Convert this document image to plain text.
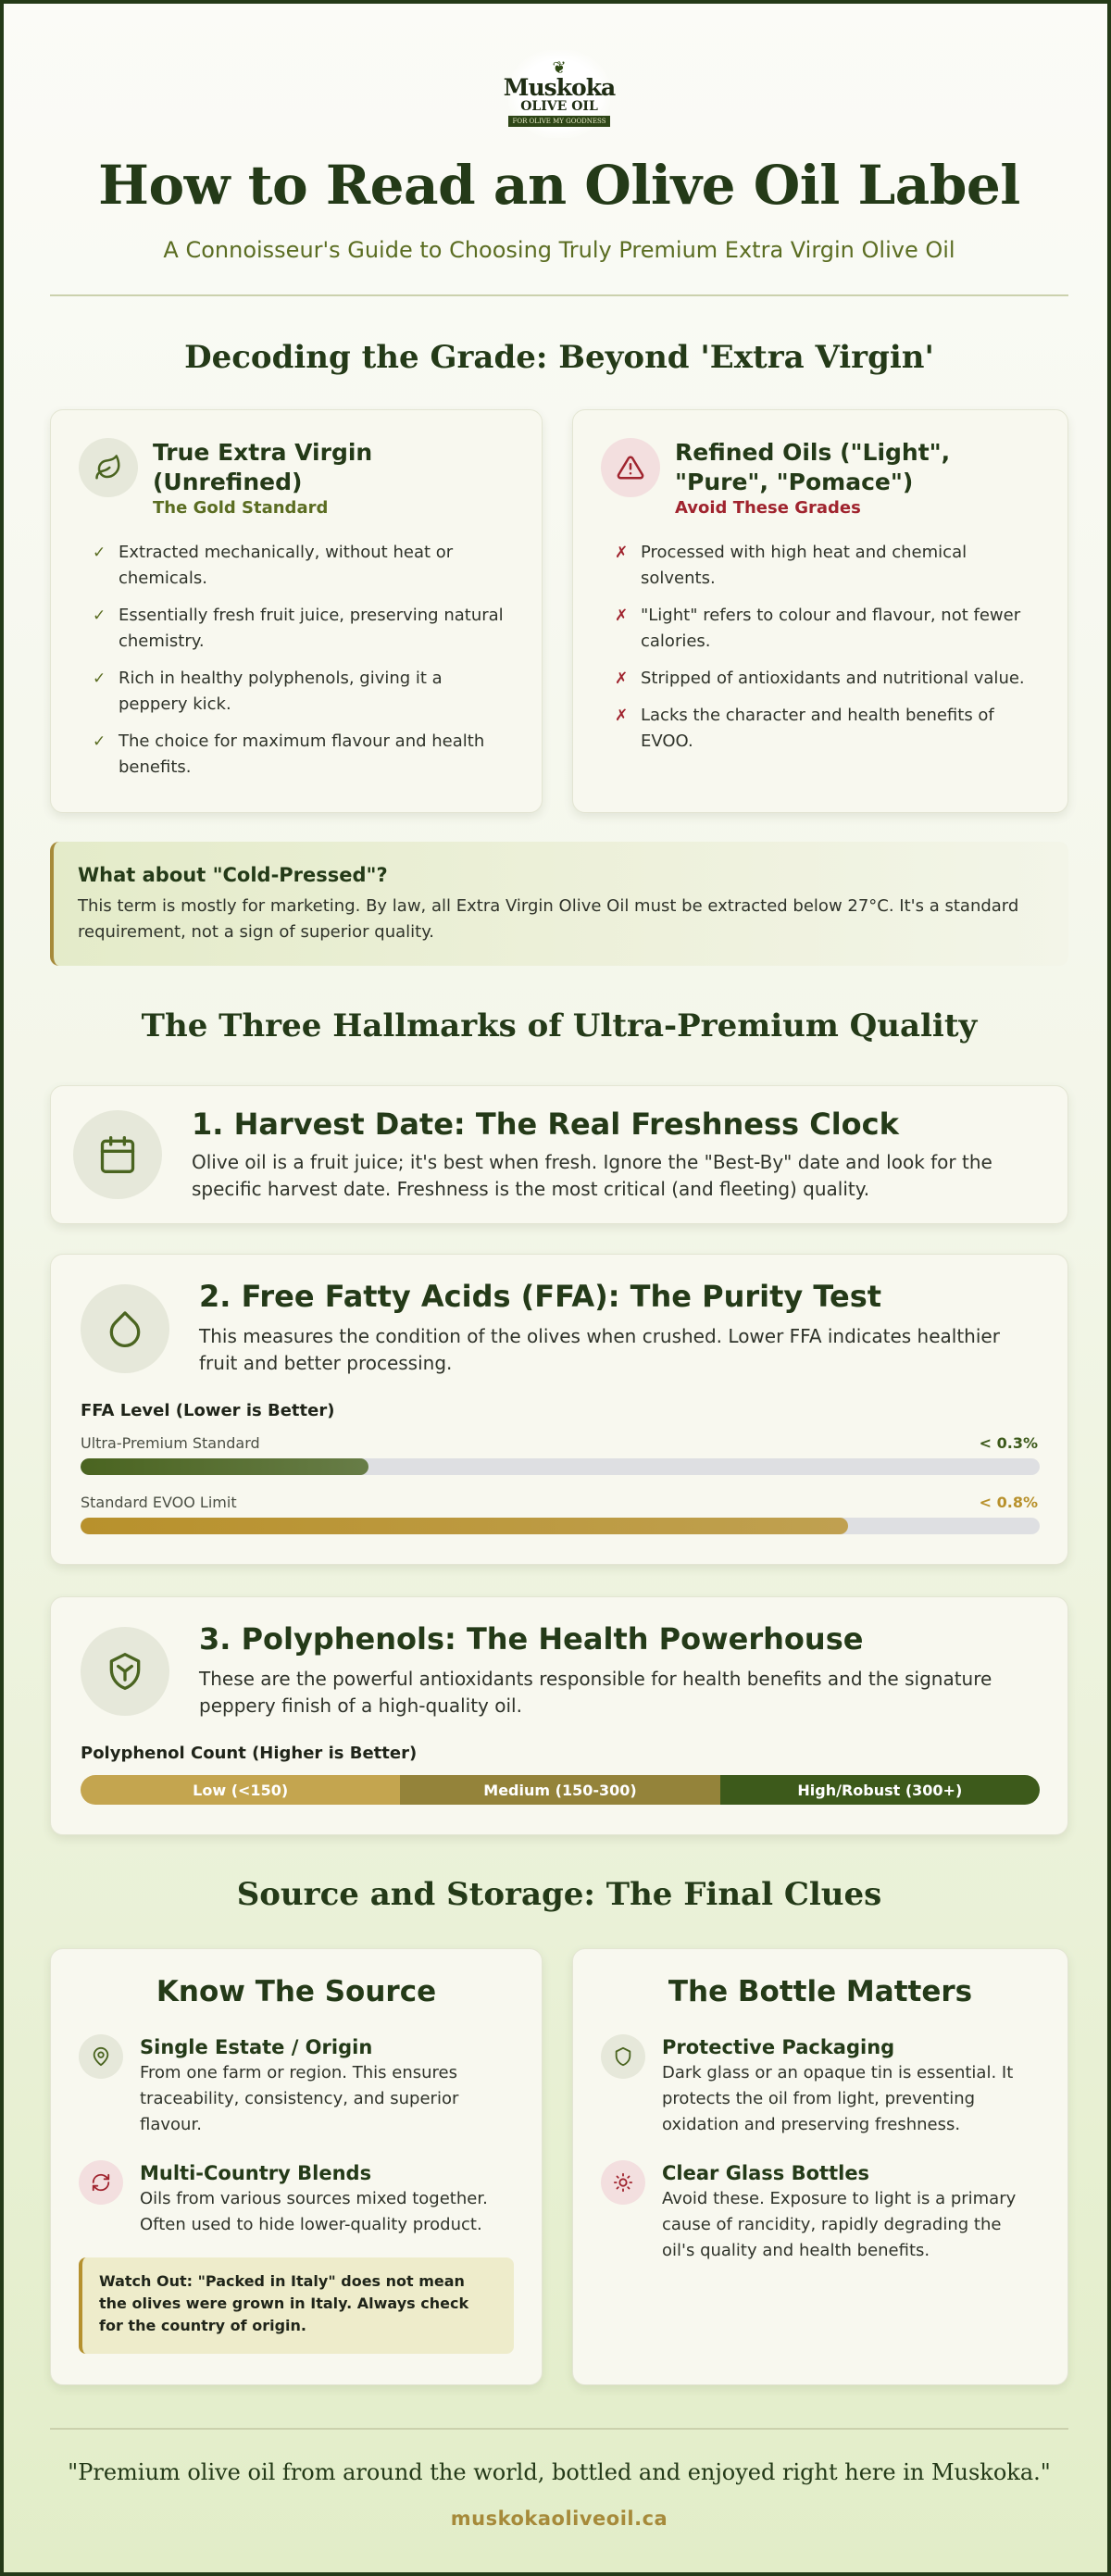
❦
Muskoka
OLIVE OIL
FOR OLIVE MY GOODNESS
How to Read an Olive Oil Label
A Connoisseur's Guide to Choosing Truly Premium Extra Virgin Olive Oil
Decoding the Grade: Beyond 'Extra Virgin'
True Extra Virgin (Unrefined)
The Gold Standard
✓ Extracted mechanically, without heat or chemicals.
✓ Essentially fresh fruit juice, preserving natural chemistry.
✓ Rich in healthy polyphenols, giving it a peppery kick.
✓ The choice for maximum flavour and health benefits.
Refined Oils ("Light", "Pure", "Pomace")
Avoid These Grades
✗ Processed with high heat and chemical solvents.
✗ "Light" refers to colour and flavour, not fewer calories.
✗ Stripped of antioxidants and nutritional value.
✗ Lacks the character and health benefits of EVOO.
What about "Cold-Pressed"?
This term is mostly for marketing. By law, all Extra Virgin Olive Oil must be extracted below 27°C. It's a standard requirement, not a sign of superior quality.
The Three Hallmarks of Ultra-Premium Quality
1. Harvest Date: The Real Freshness Clock
Olive oil is a fruit juice; it's best when fresh. Ignore the "Best-By" date and look for the specific harvest date. Freshness is the most critical (and fleeting) quality.
2. Free Fatty Acids (FFA): The Purity Test
This measures the condition of the olives when crushed. Lower FFA indicates healthier fruit and better processing.
FFA Level (Lower is Better)
Ultra-Premium Standard	< 0.3%
Standard EVOO Limit	< 0.8%
3. Polyphenols: The Health Powerhouse
These are the powerful antioxidants responsible for health benefits and the signature peppery finish of a high-quality oil.
Polyphenol Count (Higher is Better)
Low (<150)	Medium (150-300)	High/Robust (300+)
Source and Storage: The Final Clues
Know The Source
Single Estate / Origin
From one farm or region. This ensures traceability, consistency, and superior flavour.
Multi-Country Blends
Oils from various sources mixed together. Often used to hide lower-quality product.
Watch Out: "Packed in Italy" does not mean the olives were grown in Italy. Always check for the country of origin.
The Bottle Matters
Protective Packaging
Dark glass or an opaque tin is essential. It protects the oil from light, preventing oxidation and preserving freshness.
Clear Glass Bottles
Avoid these. Exposure to light is a primary cause of rancidity, rapidly degrading the oil's quality and health benefits.
"Premium olive oil from around the world, bottled and enjoyed right here in Muskoka."
muskokaoliveoil.ca
